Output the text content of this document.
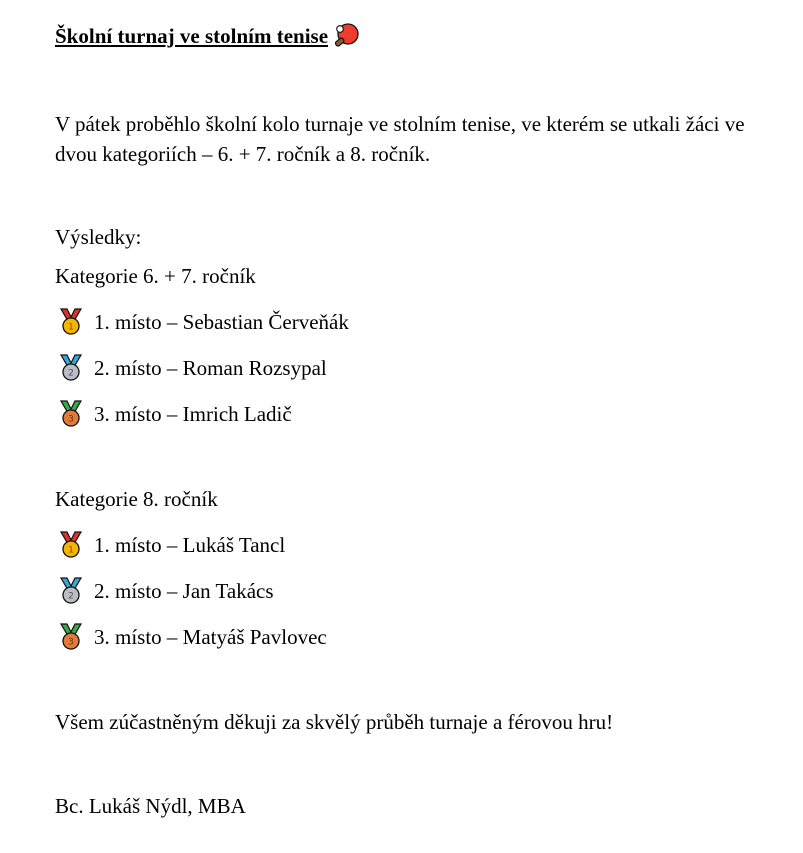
Školní turnaj ve stolním tenise
V pátek proběhlo školní kolo turnaje ve stolním tenise, ve kterém se utkali žáci ve dvou kategoriích – 6. + 7. ročník a 8. ročník.
Výsledky:
Kategorie 6. + 7. ročník
1 1. místo – Sebastian Červeňák
2 2. místo – Roman Rozsypal
3 3. místo – Imrich Ladič
Kategorie 8. ročník
1 1. místo – Lukáš Tancl
2 2. místo – Jan Takács
3 3. místo – Matyáš Pavlovec
Všem zúčastněným děkuji za skvělý průběh turnaje a férovou hru!
Bc. Lukáš Nýdl, MBA
